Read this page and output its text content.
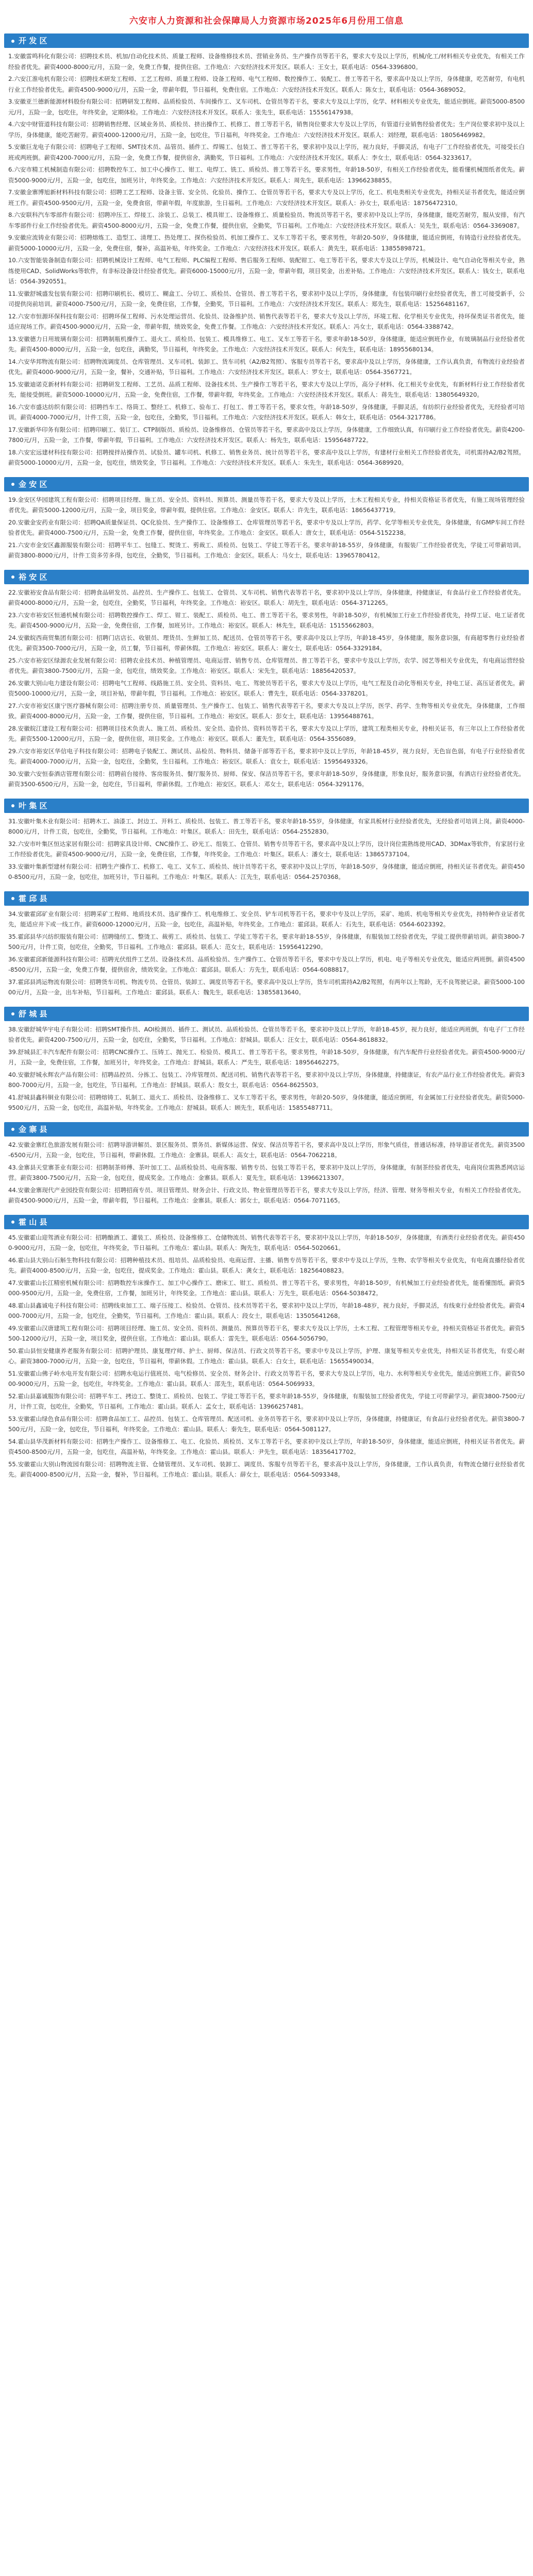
六安市人力资源和社会保障局人力资源市场2025年6月份用工信息
开 发 区

1.安徽雷鸣科化有限公司：招聘技术员、机加/自动化技术员、质量工程师、设备维修技术员、营销业务员、生产操作员等若干名，要求大专及以上学历，机械/化工/材料相关专业优先，有相关工作经验者优先。薪资4000-8000元/月，五险一金，免费工作餐，提供住宿。工作地点：六安经济技术开发区。联系人：王女士，联系电话：0564-3396800。

2.六安江淮电机有限公司：招聘技术研发工程师、工艺工程师、质量工程师、设备工程师、电气工程师、数控操作工、装配工、普工等若干名，要求高中及以上学历，身体健康，吃苦耐劳，有电机行业工作经验者优先。薪资4500-9000元/月，五险一金，带薪年假，节日福利，免费住宿。工作地点：六安经济技术开发区。联系人：陈女士，联系电话：0564-3689052。

3.安徽亚兰德新能源材料股份有限公司：招聘研发工程师、品质检验员、车间操作工、叉车司机、仓管员等若干名，要求大专及以上学历，化学、材料相关专业优先，能适应倒班。薪资5000-8500元/月，五险一金，包吃住，年终奖金，定期体检。工作地点：六安经济技术开发区。联系人：张先生，联系电话：15556147938。

4.六安中财管道科技有限公司：招聘销售经理、区域业务员、质检员、挤出操作工、机修工、普工等若干名，销售岗位要求大专及以上学历，有管道行业销售经验者优先；生产岗位要求初中及以上学历，身体健康，能吃苦耐劳。薪资4000-12000元/月，五险一金，包吃住，节日福利，年终奖金。工作地点：六安经济技术开发区。联系人：刘经理，联系电话：18056469982。

5.安徽巨龙电子有限公司：招聘电子工程师、SMT技术员、品管员、插件工、焊锡工、包装工、普工等若干名，要求初中及以上学历，视力良好，手脚灵活，有电子厂工作经验者优先，可接受长白班或两班倒。薪资4200-7000元/月，五险一金，免费工作餐，提供宿舍，满勤奖，节日福利。工作地点：六安经济技术开发区。联系人：李女士，联系电话：0564-3233617。

6.六安市精工机械制造有限公司：招聘数控车工、加工中心操作工、钳工、电焊工、铣工、质检员、普工等若干名，要求男性，年龄18-50岁，有相关工作经验者优先，能看懂机械图纸者优先。薪资5000-9000元/月，五险一金，包吃住，加班另计，年终奖金。工作地点：六安经济技术开发区。联系人：周先生，联系电话：13966238855。

7.安徽金寨博旭新材料科技有限公司：招聘工艺工程师、设备主管、安全员、化验员、操作工、仓管员等若干名，要求大专及以上学历，化工、机电类相关专业优先，持相关证书者优先，能适应倒班工作。薪资4500-9500元/月，五险一金，免费食宿，带薪年假，年度旅游，生日福利。工作地点：六安经济技术开发区。联系人：孙女士，联系电话：18756472310。

8.六安联科汽车零部件有限公司：招聘冲压工、焊接工、涂装工、总装工、模具钳工、设备维修工、质量检验员、物流员等若干名，要求初中及以上学历，身体健康，能吃苦耐劳，服从安排，有汽车零部件行业工作经验者优先。薪资4500-8000元/月，五险一金，免费工作餐，提供住宿，全勤奖，节日福利。工作地点：六安经济技术开发区。联系人：吴先生，联系电话：0564-3369087。

9.安徽应流铸业有限公司：招聘熔炼工、造型工、清理工、热处理工、探伤检验员、机加工操作工、叉车工等若干名，要求男性，年龄20-50岁，身体健康，能适应倒班，有铸造行业经验者优先。薪资5000-10000元/月，五险一金，免费住宿，餐补，高温补贴，年终奖金。工作地点：六安经济技术开发区。联系人：黄先生，联系电话：13855898721。

10.六安智能装备制造有限公司：招聘机械设计工程师、电气工程师、PLC编程工程师、售后服务工程师、装配钳工、电工等若干名，要求大专及以上学历，机械设计、电气自动化等相关专业，熟练使用CAD、SolidWorks等软件，有非标设备设计经验者优先。薪资6000-15000元/月，五险一金，带薪年假，项目奖金，出差补贴。工作地点：六安经济技术开发区。联系人：钱女士，联系电话：0564-3920551。

11.安徽舒城盛发包装有限公司：招聘印刷机长、模切工、糊盒工、分切工、质检员、仓管员、普工等若干名，要求初中及以上学历，身体健康，有包装印刷行业经验者优先，普工可接受新手，公司提供岗前培训。薪资4000-7500元/月，五险一金，免费住宿，工作餐，全勤奖，节日福利。工作地点：六安经济技术开发区。联系人：郑先生，联系电话：15256481167。

12.六安市恒源环保科技有限公司：招聘环保工程师、污水处理运营员、化验员、设备维护员、销售代表等若干名，要求大专及以上学历，环境工程、化学相关专业优先，持环保类证书者优先，能适应现场工作。薪资4500-9000元/月，五险一金，带薪年假，绩效奖金，免费工作餐。工作地点：六安经济技术开发区。联系人：冯女士，联系电话：0564-3388742。

13.安徽德力日用玻璃有限公司：招聘制瓶机操作工、退火工、质检员、包装工、模具维修工、电工、叉车工等若干名，要求年龄18-50岁，身体健康，能适应倒班作业，有玻璃制品行业经验者优先。薪资4500-8000元/月，五险一金，包吃住，满勤奖，节日福利，年终奖金。工作地点：六安经济技术开发区。联系人：何先生，联系电话：18955680134。

14.六安华邦物流有限公司：招聘物流调度员、仓库管理员、叉车司机、装卸工、货车司机（A2/B2驾照）、客服专员等若干名，要求高中及以上学历，身体健康，工作认真负责，有物流行业经验者优先。薪资4000-9000元/月，五险一金，餐补，交通补贴，节日福利。工作地点：六安经济技术开发区。联系人：罗女士，联系电话：0564-3567721。

15.安徽迪诺克新材料有限公司：招聘研发工程师、工艺员、品质工程师、设备技术员、生产操作工等若干名，要求大专及以上学历，高分子材料、化工相关专业优先，有新材料行业工作经验者优先，能接受倒班。薪资5000-10000元/月，五险一金，免费住宿，工作餐，带薪年假，年终奖金。工作地点：六安经济技术开发区。联系人：蒋先生，联系电话：13805649320。

16.六安市盛达纺织有限公司：招聘挡车工、络筒工、整经工、机修工、验布工、打包工、普工等若干名，要求女性，年龄18-50岁，身体健康，手脚灵活，有纺织行业经验者优先，无经验者可培训。薪资4000-7000元/月，计件工资，五险一金，包吃住，全勤奖，节日福利。工作地点：六安经济技术开发区。联系人：韩女士，联系电话：0564-3217786。

17.安徽新华印务有限公司：招聘印刷工、装订工、CTP制版员、质检员、设备维修员、仓管员等若干名，要求高中及以上学历，身体健康，工作细致认真，有印刷行业工作经验者优先。薪资4200-7800元/月，五险一金，工作餐，带薪年假，节日福利。工作地点：六安经济技术开发区。联系人：杨先生，联系电话：15956487722。

18.六安宏远建材科技有限公司：招聘搅拌站操作员、试验员、罐车司机、机修工、销售业务员、统计员等若干名，要求高中及以上学历，有建材行业相关工作经验者优先，司机需持A2/B2驾照。薪资5000-10000元/月，五险一金，包吃住，绩效奖金，节日福利。工作地点：六安经济技术开发区。联系人：朱先生，联系电话：0564-3689920。

金 安 区

19.金安区华园建筑工程有限公司：招聘项目经理、施工员、安全员、资料员、预算员、测量员等若干名，要求大专及以上学历，土木工程相关专业，持相关资格证书者优先，有施工现场管理经验者优先。薪资5000-12000元/月，五险一金，项目奖金，带薪年假，提供住宿。工作地点：金安区。联系人：许先生，联系电话：18656437719。

20.安徽金安药业有限公司：招聘QA质量保证员、QC化验员、生产操作工、设备维修工、仓库管理员等若干名，要求中专及以上学历，药学、化学等相关专业优先，身体健康，有GMP车间工作经验者优先。薪资4000-7500元/月，五险一金，免费工作餐，提供住宿，年终奖金。工作地点：金安区。联系人：唐女士，联系电话：0564-5152238。

21.六安市金安区鑫源服装有限公司：招聘平车工、包缝工、熨烫工、剪裁工、质检员、包装工、学徒工等若干名，要求年龄18-55岁，身体健康，有服装厂工作经验者优先，学徒工可带薪培训。薪资3800-8000元/月，计件工资多劳多得，包吃住，全勤奖，节日福利。工作地点：金安区。联系人：马女士，联系电话：13965780412。

裕 安 区

22.安徽裕安食品有限公司：招聘食品研发员、品控员、生产操作工、包装工、仓管员、叉车司机、销售代表等若干名，要求初中及以上学历，身体健康，持健康证，有食品行业工作经验者优先。薪资4000-8000元/月，五险一金，包吃住，全勤奖，节日福利，年终奖金。工作地点：裕安区。联系人：胡先生，联系电话：0564-3712265。

23.六安市裕安区恒通机械有限公司：招聘数控操作工、焊工、钳工、装配工、质检员、电工、普工等若干名，要求男性，年龄18-50岁，有机械加工行业工作经验者优先，持焊工证、电工证者优先。薪资4500-9000元/月，五险一金，免费住宿，工作餐，加班另计。工作地点：裕安区。联系人：林先生，联系电话：15155662803。

24.安徽皖西商贸集团有限公司：招聘门店店长、收银员、理货员、生鲜加工员、配送员、仓管员等若干名，要求高中及以上学历，年龄18-45岁，身体健康，服务意识强，有商超零售行业经验者优先。薪资3500-7000元/月，五险一金，员工餐，节日福利，带薪休假。工作地点：裕安区。联系人：谢女士，联系电话：0564-3329184。

25.六安市裕安区绿源农业发展有限公司：招聘农业技术员、种植管理员、电商运营、销售专员、仓库管理员、普工等若干名，要求中专及以上学历，农学、园艺等相关专业优先，有电商运营经验者优先。薪资3800-7500元/月，五险一金，包吃住，绩效奖金。工作地点：裕安区。联系人：宋先生，联系电话：18856420537。

26.安徽大别山电力建设有限公司：招聘电气工程师、线路施工员、安全员、资料员、电工、驾驶员等若干名，要求大专及以上学历，电气工程及自动化等相关专业，持电工证、高压证者优先。薪资5000-10000元/月，五险一金，项目补贴，带薪年假，节日福利。工作地点：裕安区。联系人：曹先生，联系电话：0564-3378201。

27.六安市裕安区康宁医疗器械有限公司：招聘注册专员、质量管理员、生产操作工、包装工、销售代表等若干名，要求大专及以上学历，医学、药学、生物等相关专业优先，身体健康，工作细致。薪资4000-8000元/月，五险一金，工作餐，提供住宿，节日福利。工作地点：裕安区。联系人：彭女士，联系电话：13956488761。

28.安徽皖江建设工程有限公司：招聘项目技术负责人、施工员、质检员、安全员、造价员、资料员等若干名，要求大专及以上学历，建筑工程类相关专业，持相关证书，有三年以上工作经验者优先。薪资5500-12000元/月，五险一金，提供住宿，项目奖金。工作地点：裕安区。联系人：董先生，联系电话：0564-3556089。

29.六安市裕安区华信电子科技有限公司：招聘电子装配工、测试员、品检员、物料员、储备干部等若干名，要求初中及以上学历，年龄18-45岁，视力良好，无色盲色弱，有电子行业经验者优先。薪资4000-7000元/月，五险一金，包吃住，全勤奖，生日福利。工作地点：裕安区。联系人：袁女士，联系电话：15956493326。

30.安徽六安恒泰酒店管理有限公司：招聘前台接待、客房服务员、餐厅服务员、厨师、保安、保洁员等若干名，要求年龄18-50岁，身体健康，形象良好，服务意识强，有酒店行业经验者优先。薪资3500-6500元/月，五险一金，包吃住，节日福利，带薪休假。工作地点：裕安区。联系人：邓女士，联系电话：0564-3291176。

叶 集 区

31.安徽叶集木业有限公司：招聘木工、油漆工、封边工、开料工、质检员、包装工、普工等若干名，要求年龄18-55岁，身体健康，有家具板材行业经验者优先，无经验者可培训上岗。薪资4000-8000元/月，计件工资，包吃住，全勤奖，节日福利。工作地点：叶集区。联系人：田先生，联系电话：0564-2552830。

32.六安市叶集区恒达家居有限公司：招聘家具设计师、CNC操作工、砂光工、组装工、仓管员、销售专员等若干名，要求高中及以上学历，设计岗位需熟练使用CAD、3DMax等软件，有家居行业工作经验者优先。薪资4500-9000元/月，五险一金，免费住宿，工作餐，年终奖金。工作地点：叶集区。联系人：潘女士，联系电话：13865737104。

33.安徽叶集新型建材有限公司：招聘生产操作工、机修工、电工、叉车工、质检员、统计员等若干名，要求初中及以上学历，年龄18-50岁，身体健康，能适应倒班，持相关证书者优先。薪资4500-8500元/月，五险一金，包吃住，加班另计，节日福利。工作地点：叶集区。联系人：江先生，联系电话：0564-2570368。

霍 邱 县

34.安徽霍邱矿业有限公司：招聘采矿工程师、地质技术员、选矿操作工、机电维修工、安全员、铲车司机等若干名，要求中专及以上学历，采矿、地质、机电等相关专业优先，持特种作业证者优先，能适应井下或一线工作。薪资6000-12000元/月，五险一金，包吃住，高温补贴，年终奖金。工作地点：霍邱县。联系人：石先生，联系电话：0564-6023392。

35.霍邱县华兴纺织服装有限公司：招聘缝纫工、整烫工、裁剪工、质检员、包装工、学徒工等若干名，要求年龄18-55岁，身体健康，有服装加工经验者优先，学徒工提供带薪培训。薪资3800-7500元/月，计件工资，包吃住，全勤奖，节日福利。工作地点：霍邱县。联系人：范女士，联系电话：15956412290。

36.安徽霍邱新能源科技有限公司：招聘光伏组件工艺员、设备技术员、品质检验员、生产操作工、仓管员等若干名，要求中专及以上学历，机电、电子等相关专业优先，能适应两班倒。薪资4500-8500元/月，五险一金，免费工作餐，提供宿舍，绩效奖金。工作地点：霍邱县。联系人：方先生，联系电话：0564-6088817。

37.霍邱县鸿运物流有限公司：招聘货车司机、物流专员、仓管员、装卸工、调度员等若干名，要求高中及以上学历，货车司机需持A2/B2驾照，有两年以上驾龄，无不良驾驶记录。薪资5000-10000元/月，五险一金，出车补贴，节日福利。工作地点：霍邱县。联系人：魏先生，联系电话：13855813640。

舒 城 县

38.安徽舒城华宇电子有限公司：招聘SMT操作员、AOI检测员、插件工、测试员、品质检验员、仓管员等若干名，要求初中及以上学历，年龄18-45岁，视力良好，能适应两班倒，有电子厂工作经验者优先。薪资4200-7500元/月，五险一金，包吃住，全勤奖，节日福利。工作地点：舒城县。联系人：汪女士，联系电话：0564-8618832。

39.舒城县汇丰汽车配件有限公司：招聘CNC操作工、压铸工、抛光工、检验员、模具工、普工等若干名，要求男性，年龄18-50岁，身体健康，有汽车配件行业经验者优先。薪资4500-9000元/月，五险一金，免费住宿，工作餐，加班另计，年终奖金。工作地点：舒城县。联系人：严先生，联系电话：18956462275。

40.安徽舒城永辉农产品有限公司：招聘品控员、分拣工、包装工、冷库管理员、配送司机、销售代表等若干名，要求初中及以上学历，身体健康，持健康证，有农产品行业工作经验者优先。薪资3800-7000元/月，五险一金，包吃住，节日福利。工作地点：舒城县。联系人：殷女士，联系电话：0564-8625503。

41.舒城县鑫科铜业有限公司：招聘熔铸工、轧制工、退火工、质检员、设备维修工、叉车工等若干名，要求男性，年龄20-50岁，身体健康，能适应倒班，有金属加工行业经验者优先。薪资5000-9500元/月，五险一金，包吃住，高温补贴，年终奖金。工作地点：舒城县。联系人：顾先生，联系电话：15855487711。

金 寨 县

42.安徽金寨红色旅游发展有限公司：招聘导游讲解员、景区服务员、票务员、新媒体运营、保安、保洁员等若干名，要求高中及以上学历，形象气质佳，普通话标准，持导游证者优先。薪资3500-6500元/月，五险一金，包吃住，节日福利，带薪休假。工作地点：金寨县。联系人：高女士，联系电话：0564-7062218。

43.金寨县天堂寨茶业有限公司：招聘制茶师傅、茶叶加工工、品质检验员、电商客服、销售专员、包装工等若干名，要求初中及以上学历，身体健康，有制茶经验者优先，电商岗位需熟悉网店运营。薪资3800-7500元/月，五险一金，包吃住，提成奖金。工作地点：金寨县。联系人：夏先生，联系电话：13966213307。

44.安徽金寨现代产业园投资有限公司：招聘招商专员、项目管理员、财务会计、行政文员、物业管理员等若干名，要求大专及以上学历，经济、管理、财务等相关专业，有相关工作经验者优先。薪资4500-9000元/月，五险一金，带薪年假，节日福利。工作地点：金寨县。联系人：郭女士，联系电话：0564-7071165。

霍 山 县

45.安徽霍山迎驾酒业有限公司：招聘酿酒工、灌装工、质检员、设备维修工、仓储物流员、销售代表等若干名，要求初中及以上学历，年龄18-50岁，身体健康，有酒类行业经验者优先。薪资4500-9000元/月，五险一金，包吃住，年终奖金，节日福利。工作地点：霍山县。联系人：陶先生，联系电话：0564-5020661。

46.霍山县大别山石斛生物科技有限公司：招聘种植技术员、组培员、品质检验员、电商运营、主播、销售专员等若干名，要求中专及以上学历，生物、农学等相关专业优先，有电商直播经验者优先。薪资4000-8500元/月，五险一金，包吃住，提成奖金。工作地点：霍山县。联系人：龚女士，联系电话：18256408823。

47.安徽霍山长江精密机械有限公司：招聘数控车床操作工、加工中心操作工、磨床工、钳工、质检员、普工等若干名，要求男性，年龄18-50岁，有机械加工行业经验者优先，能看懂图纸。薪资5000-9500元/月，五险一金，免费住宿，工作餐，加班另计，年终奖金。工作地点：霍山县。联系人：万先生，联系电话：0564-5038472。

48.霍山县鑫诚电子科技有限公司：招聘线束加工工、端子压接工、检验员、仓管员、技术员等若干名，要求初中及以上学历，年龄18-48岁，视力良好，手脚灵活，有线束行业经验者优先。薪资4000-7000元/月，五险一金，包吃住，全勤奖，节日福利。工作地点：霍山县。联系人：段女士，联系电话：13505641268。

49.安徽霍山汉唐建筑工程有限公司：招聘项目经理、施工员、安全员、资料员、测量员、预算员等若干名，要求大专及以上学历，土木工程、工程管理等相关专业，持相关资格证书者优先。薪资5500-12000元/月，五险一金，项目奖金，提供住宿。工作地点：霍山县。联系人：雷先生，联系电话：0564-5056790。

50.霍山县恒安健康养老服务有限公司：招聘护理员、康复理疗师、护士、厨师、保洁员、行政文员等若干名，要求中专及以上学历，护理、康复等相关专业优先，持相关证书者优先，有爱心耐心。薪资3800-7000元/月，五险一金，包吃住，节日福利，带薪休假。工作地点：霍山县。联系人：白女士，联系电话：15655490034。

51.安徽霍山佛子岭水电开发有限公司：招聘水电运行值班员、电气检修员、安全员、财务会计、行政文员等若干名，要求大专及以上学历，电力、水利等相关专业优先，能适应倒班工作。薪资5000-9000元/月，五险一金，包吃住，年终奖金。工作地点：霍山县。联系人：邵先生，联系电话：0564-5069933。

52.霍山县嘉诚服饰有限公司：招聘平车工、拷边工、整烫工、质检员、包装工、学徒工等若干名，要求年龄18-55岁，身体健康，有服装加工经验者优先，学徒工可带薪学习。薪资3800-7500元/月，计件工资，包吃住，全勤奖，节日福利。工作地点：霍山县。联系人：孟女士，联系电话：13966257481。

53.安徽霍山绿色食品有限公司：招聘食品加工工、品控员、包装工、仓库管理员、配送司机、业务员等若干名，要求初中及以上学历，身体健康，持健康证，有食品行业经验者优先。薪资3800-7500元/月，五险一金，包吃住，节日福利，年终奖金。工作地点：霍山县。联系人：秦先生，联系电话：0564-5081127。

54.霍山县华茂新材料有限公司：招聘生产操作工、设备维修工、电工、化验员、质检员、叉车工等若干名，要求初中及以上学历，年龄18-50岁，身体健康，能适应倒班，持相关证书者优先。薪资4500-8500元/月，五险一金，包吃住，高温补贴，年终奖金。工作地点：霍山县。联系人：尹先生，联系电话：18356417702。

55.安徽霍山大别山物流园有限公司：招聘物流主管、仓储管理员、叉车司机、装卸工、调度员、客服专员等若干名，要求高中及以上学历，身体健康，工作认真负责，有物流仓储行业经验者优先。薪资4000-8500元/月，五险一金，餐补，节日福利。工作地点：霍山县。联系人：薛女士，联系电话：0564-5093348。
